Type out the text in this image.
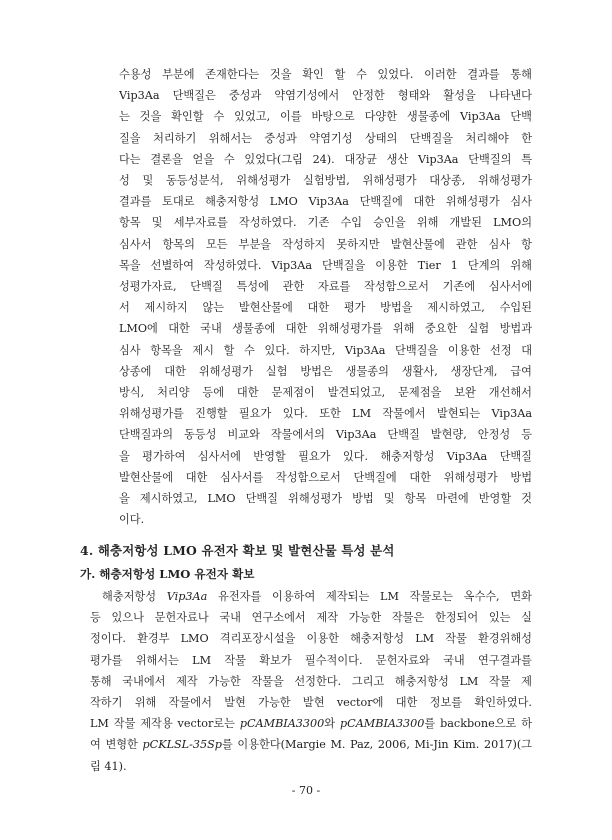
수용성 부분에 존재한다는 것을 확인 할 수 있었다. 이러한 결과를 통해
Vip3Aa 단백질은 중성과 약염기성에서 안정한 형태와 활성을 나타낸다
는 것을 확인할 수 있었고, 이를 바탕으로 다양한 생물종에 Vip3Aa 단백
질을 처리하기 위해서는 중성과 약염기성 상태의 단백질을 처리해야 한
다는 결론을 얻을 수 있었다(그림 24). 대장균 생산 Vip3Aa 단백질의 특
성 및 동등성분석, 위해성평가 실험방법, 위해성평가 대상종, 위해성평가
결과를 토대로 해충저항성 LMO Vip3Aa 단백질에 대한 위해성평가 심사
항목 및 세부자료를 작성하였다. 기존 수입 승인을 위해 개발된 LMO의
심사서 항목의 모든 부분을 작성하지 못하지만 발현산물에 관한 심사 항
목을 선별하여 작성하였다. Vip3Aa 단백질을 이용한 Tier 1 단계의 위해
성평가자료, 단백질 특성에 관한 자료를 작성함으로서 기존에 심사서에
서 제시하지 않는 발현산물에 대한 평가 방법을 제시하였고, 수입된
LMO에 대한 국내 생물종에 대한 위해성평가를 위해 중요한 실험 방법과
심사 항목을 제시 할 수 있다. 하지만, Vip3Aa 단백질을 이용한 선정 대
상종에 대한 위해성평가 실험 방법은 생물종의 생활사, 생장단계, 급여
방식, 처리양 등에 대한 문제점이 발견되었고, 문제점을 보완 개선해서
위해성평가를 진행할 필요가 있다. 또한 LM 작물에서 발현되는 Vip3Aa
단백질과의 동등성 비교와 작물에서의 Vip3Aa 단백질 발현량, 안정성 등
을 평가하여 심사서에 반영할 필요가 있다. 해충저항성 Vip3Aa 단백질
발현산물에 대한 심사서를 작성함으로서 단백질에 대한 위해성평가 방법
을 제시하였고, LMO 단백질 위해성평가 방법 및 항목 마련에 반영할 것
이다.
4. 해충저항성 LMO 유전자 확보 및 발현산물 특성 분석
가. 해충저항성 LMO 유전자 확보
해충저항성 Vip3Aa 유전자를 이용하여 제작되는 LM 작물로는 옥수수, 면화
등 있으나 문헌자료나 국내 연구소에서 제작 가능한 작물은 한정되어 있는 실
정이다. 환경부 LMO 격리포장시설을 이용한 해충저항성 LM 작물 환경위해성
평가를 위해서는 LM 작물 확보가 필수적이다. 문헌자료와 국내 연구결과를
통해 국내에서 제작 가능한 작물을 선정한다. 그리고 해충저항성 LM 작물 제
작하기 위해 작물에서 발현 가능한 발현 vector에 대한 정보를 확인하였다.
LM 작물 제작용 vector로는 pCAMBIA3300와 pCAMBIA3300를 backbone으로 하
여 변형한 pCKLSL-35Sp를 이용한다(Margie M. Paz, 2006, Mi-Jin Kim. 2017)(그
림 41).
- 70 -
